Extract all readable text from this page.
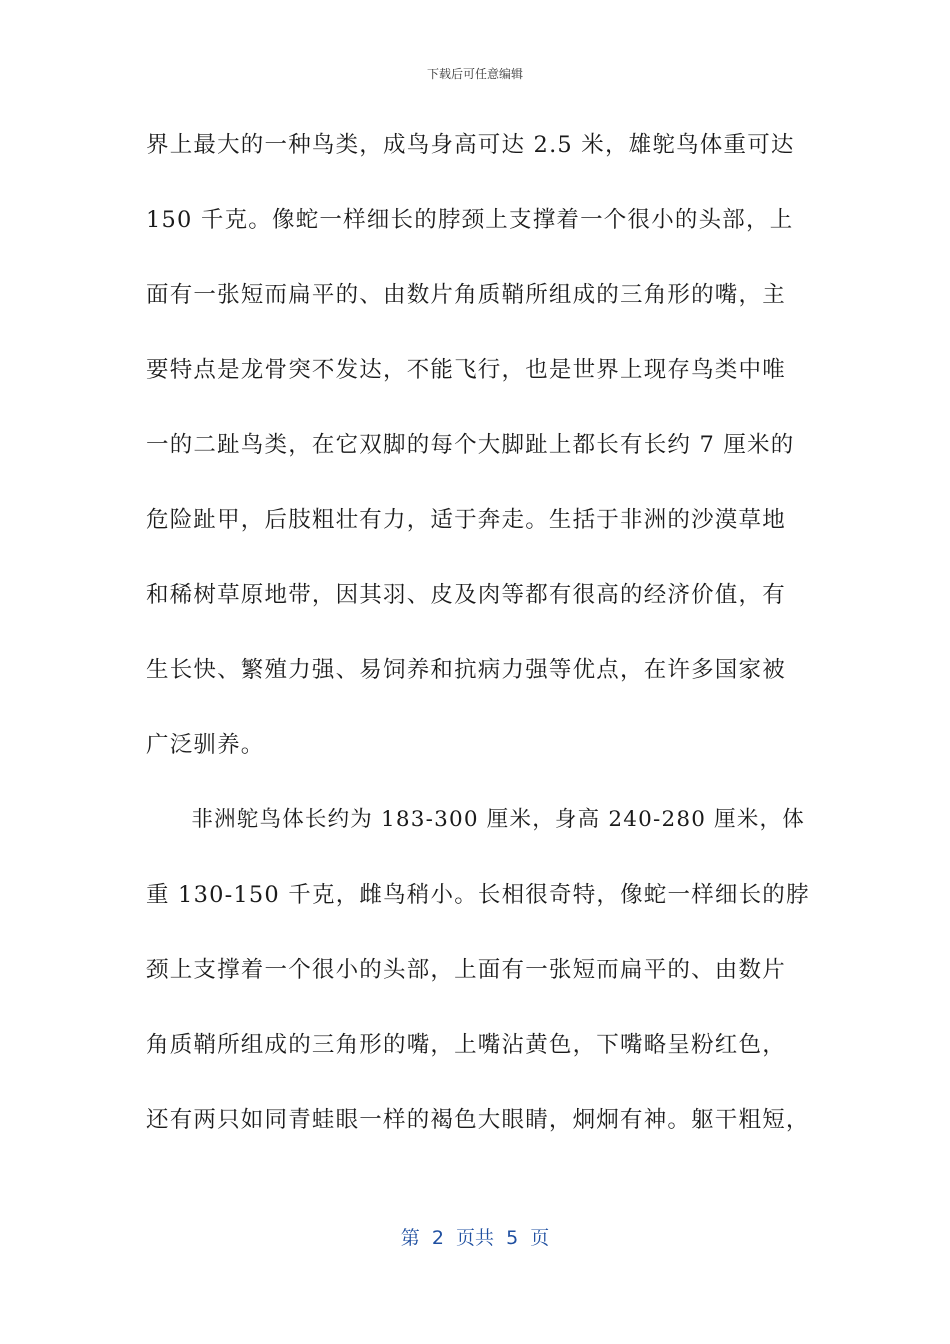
下载后可任意编辑
界上最大的一种鸟类，成鸟身高可达 2.5 米，雄鸵鸟体重可达
150 千克。像蛇一样细长的脖颈上支撑着一个很小的头部，上
面有一张短而扁平的、由数片角质鞘所组成的三角形的嘴，主
要特点是龙骨突不发达，不能飞行，也是世界上现存鸟类中唯
一的二趾鸟类，在它双脚的每个大脚趾上都长有长约 7 厘米的
危险趾甲，后肢粗壮有力，适于奔走。生括于非洲的沙漠草地
和稀树草原地带，因其羽、皮及肉等都有很高的经济价值，有
生长快、繁殖力强、易饲养和抗病力强等优点，在许多国家被
广泛驯养。
　　非洲鸵鸟体长约为 183-300 厘米，身高 240-280 厘米，体
重 130-150 千克，雌鸟稍小。长相很奇特，像蛇一样细长的脖
颈上支撑着一个很小的头部，上面有一张短而扁平的、由数片
角质鞘所组成的三角形的嘴，上嘴沾黄色，下嘴略呈粉红色，
还有两只如同青蛙眼一样的褐色大眼睛，炯炯有神。躯干粗短，
第  2  页共  5  页
